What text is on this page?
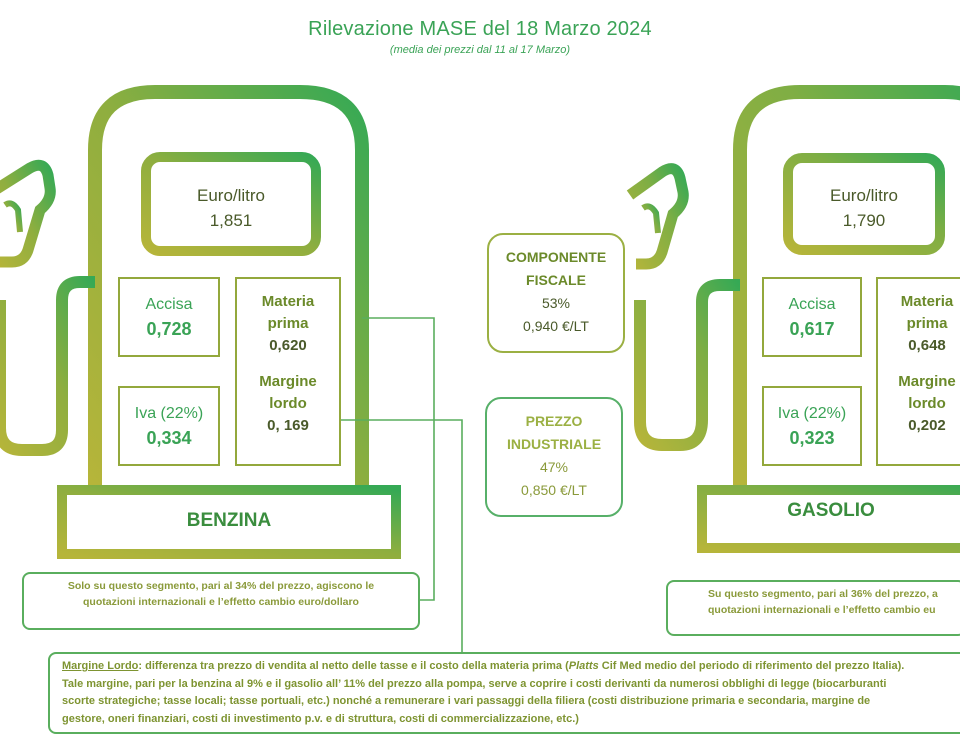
Rilevazione MASE del 18 Marzo 2024
(media dei prezzi dal 11 al 17 Marzo)
Euro/litro
1,851
Accisa
0,728
Iva (22%)
0,334
Materia
prima
0,620
Margine
lordo
0, 169
BENZINA
COMPONENTE
FISCALE
53%
0,940 €/LT
PREZZO
INDUSTRIALE
47%
0,850 €/LT
Euro/litro
1,790
Accisa
0,617
Iva (22%)
0,323
Materia
prima
0,648
Margine
lordo
0,202
GASOLIO
Solo su questo segmento, pari al 34% del prezzo, agiscono le
quotazioni internazionali e l’effetto cambio euro/dollaro
Su questo segmento, pari al 36% del prezzo, a
quotazioni internazionali e l’effetto cambio eu
Margine Lordo: differenza tra prezzo di vendita al netto delle tasse e il costo della materia prima (Platts Cif Med medio del periodo di riferimento del prezzo Italia).
Tale margine, pari per la benzina al 9% e il gasolio all’ 11% del prezzo alla pompa, serve a coprire i costi derivanti da numerosi obblighi di legge (biocarburanti
scorte strategiche; tasse locali; tasse portuali, etc.) nonché a remunerare i vari passaggi della filiera (costi distribuzione primaria e secondaria, margine de
gestore, oneri finanziari, costi di investimento p.v. e di struttura, costi di commercializzazione, etc.)
